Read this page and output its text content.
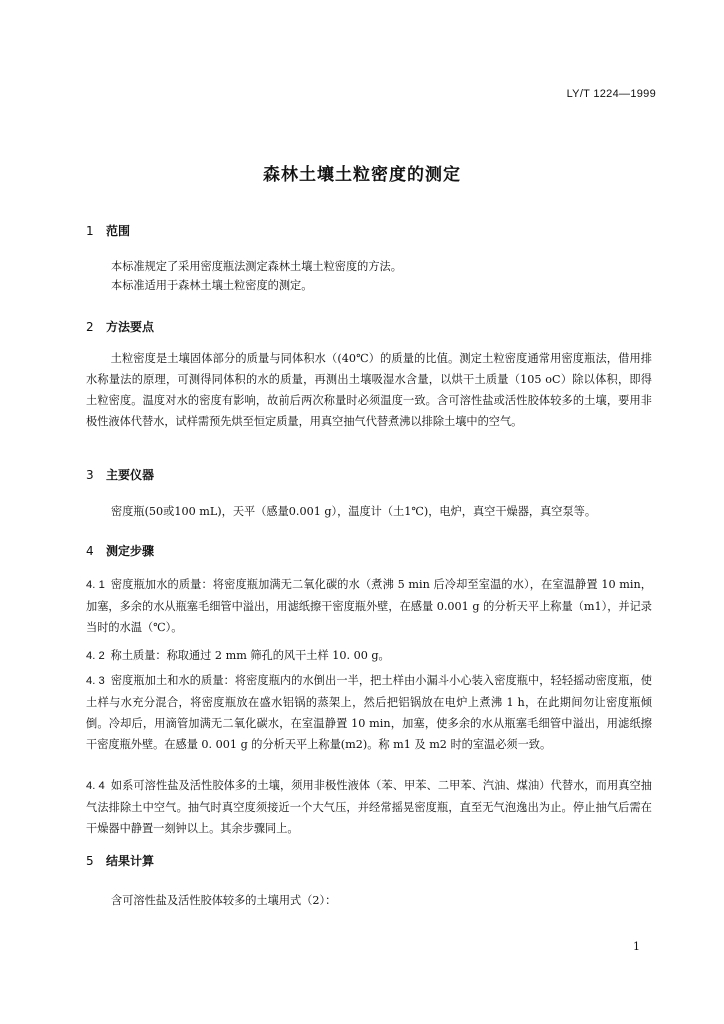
LY/T 1224—1999
森林土壤土粒密度的测定
1 范围
本标准规定了采用密度瓶法测定森林土壤土粒密度的方法。
本标准适用于森林土壤土粒密度的测定。
2 方法要点
土粒密度是土壤固体部分的质量与同体积水（(40℃）的质量的比值。测定土粒密度通常用密度瓶法，借用排水称量法的原理，可测得同体积的水的质量，再测出土壤吸湿水含量，以烘干土质量（105 oC）除以体积，即得土粒密度。温度对水的密度有影响，故前后两次称量时必须温度一致。含可溶性盐或活性胶体较多的土壤，要用非极性液体代替水，试样需预先烘至恒定质量，用真空抽气代替煮沸以排除土壤中的空气。
3 主要仪器
密度瓶(50或100 mL)，天平（感量0.001 g），温度计（土1℃)，电炉，真空干燥器，真空泵等。
4 测定步骤
4. 1 密度瓶加水的质量：将密度瓶加满无二氧化碳的水（煮沸 5 min 后冷却至室温的水），在室温静置 10 min，加塞，多余的水从瓶塞毛细管中溢出，用滤纸擦干密度瓶外壁，在感量 0.001 g 的分析天平上称量（m1），并记录当时的水温（℃）。
4. 2 称土质量：称取通过 2 mm 筛孔的风干土样 10. 00 g。
4. 3 密度瓶加土和水的质量：将密度瓶内的水倒出一半，把土样由小漏斗小心装入密度瓶中，轻轻摇动密度瓶，使土样与水充分混合，将密度瓶放在盛水铝锅的蒸架上，然后把铝锅放在电炉上煮沸 1 h，在此期间勿让密度瓶倾倒。冷却后，用滴管加满无二氧化碳水，在室温静置 10 min，加塞，使多余的水从瓶塞毛细管中溢出，用滤纸擦干密度瓶外壁。在感量 0. 001 g 的分析天平上称量(m2)。称 m1 及 m2 时的室温必须一致。
4. 4 如系可溶性盐及活性胶体多的土壤，须用非极性液体（苯、甲苯、二甲苯、汽油、煤油）代替水，而用真空抽气法排除土中空气。抽气时真空度须接近一个大气压，并经常摇晃密度瓶，直至无气泡逸出为止。停止抽气后需在干燥器中静置一刻钟以上。其余步骤同上。
5 结果计算
含可溶性盐及活性胶体较多的土壤用式（2）：
1
